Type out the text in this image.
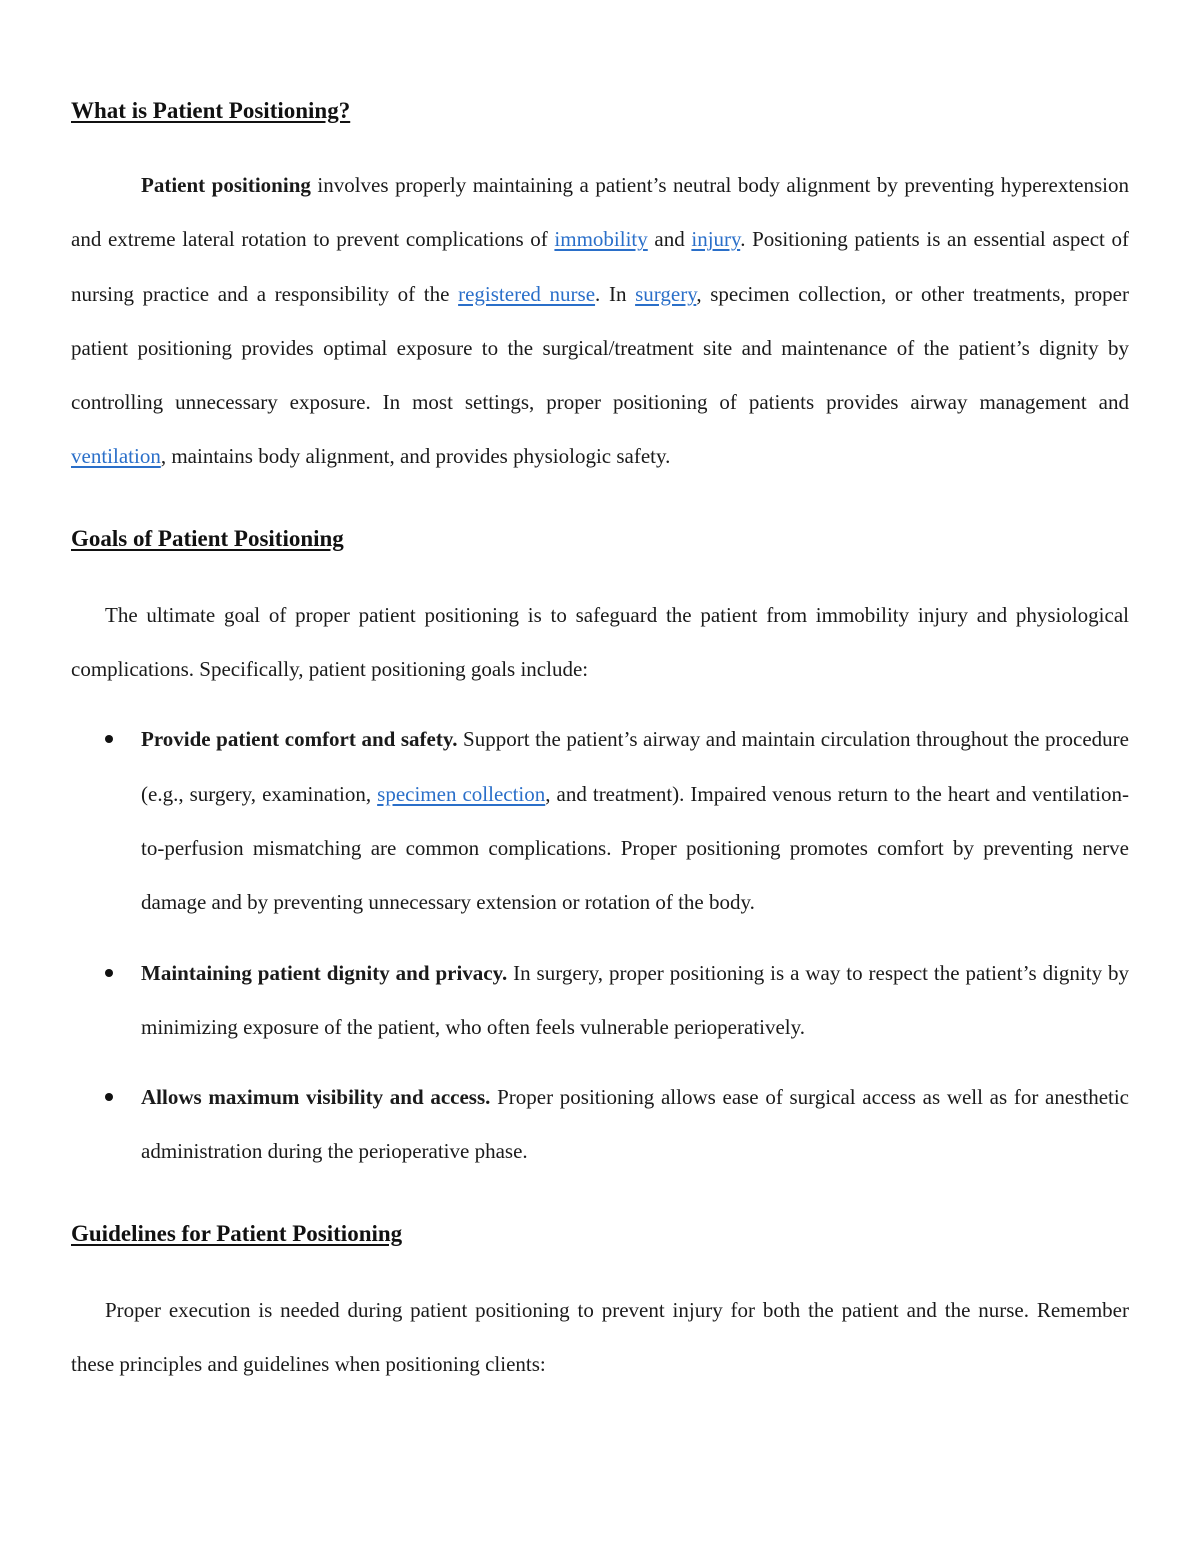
What is Patient Positioning?

Patient positioning involves properly maintaining a patient’s neutral body alignment by preventing hyperextension and extreme lateral rotation to prevent complications of immobility and injury. Positioning patients is an essential aspect of nursing practice and a responsibility of the registered nurse. In surgery, specimen collection, or other treatments, proper patient positioning provides optimal exposure to the surgical/treatment site and maintenance of the patient’s dignity by controlling unnecessary exposure. In most settings, proper positioning of patients provides airway management and ventilation, maintains body alignment, and provides physiologic safety.

Goals of Patient Positioning

The ultimate goal of proper patient positioning is to safeguard the patient from immobility injury and physiological complications. Specifically, patient positioning goals include:

Provide patient comfort and safety. Support the patient’s airway and maintain circulation throughout the procedure (e.g., surgery, examination, specimen collection, and treatment). Impaired venous return to the heart and ventilation-to-perfusion mismatching are common complications. Proper positioning promotes comfort by preventing nerve damage and by preventing unnecessary extension or rotation of the body.

Maintaining patient dignity and privacy. In surgery, proper positioning is a way to respect the patient’s dignity by minimizing exposure of the patient, who often feels vulnerable perioperatively.

Allows maximum visibility and access. Proper positioning allows ease of surgical access as well as for anesthetic administration during the perioperative phase.

Guidelines for Patient Positioning

Proper execution is needed during patient positioning to prevent injury for both the patient and the nurse. Remember these principles and guidelines when positioning clients:
